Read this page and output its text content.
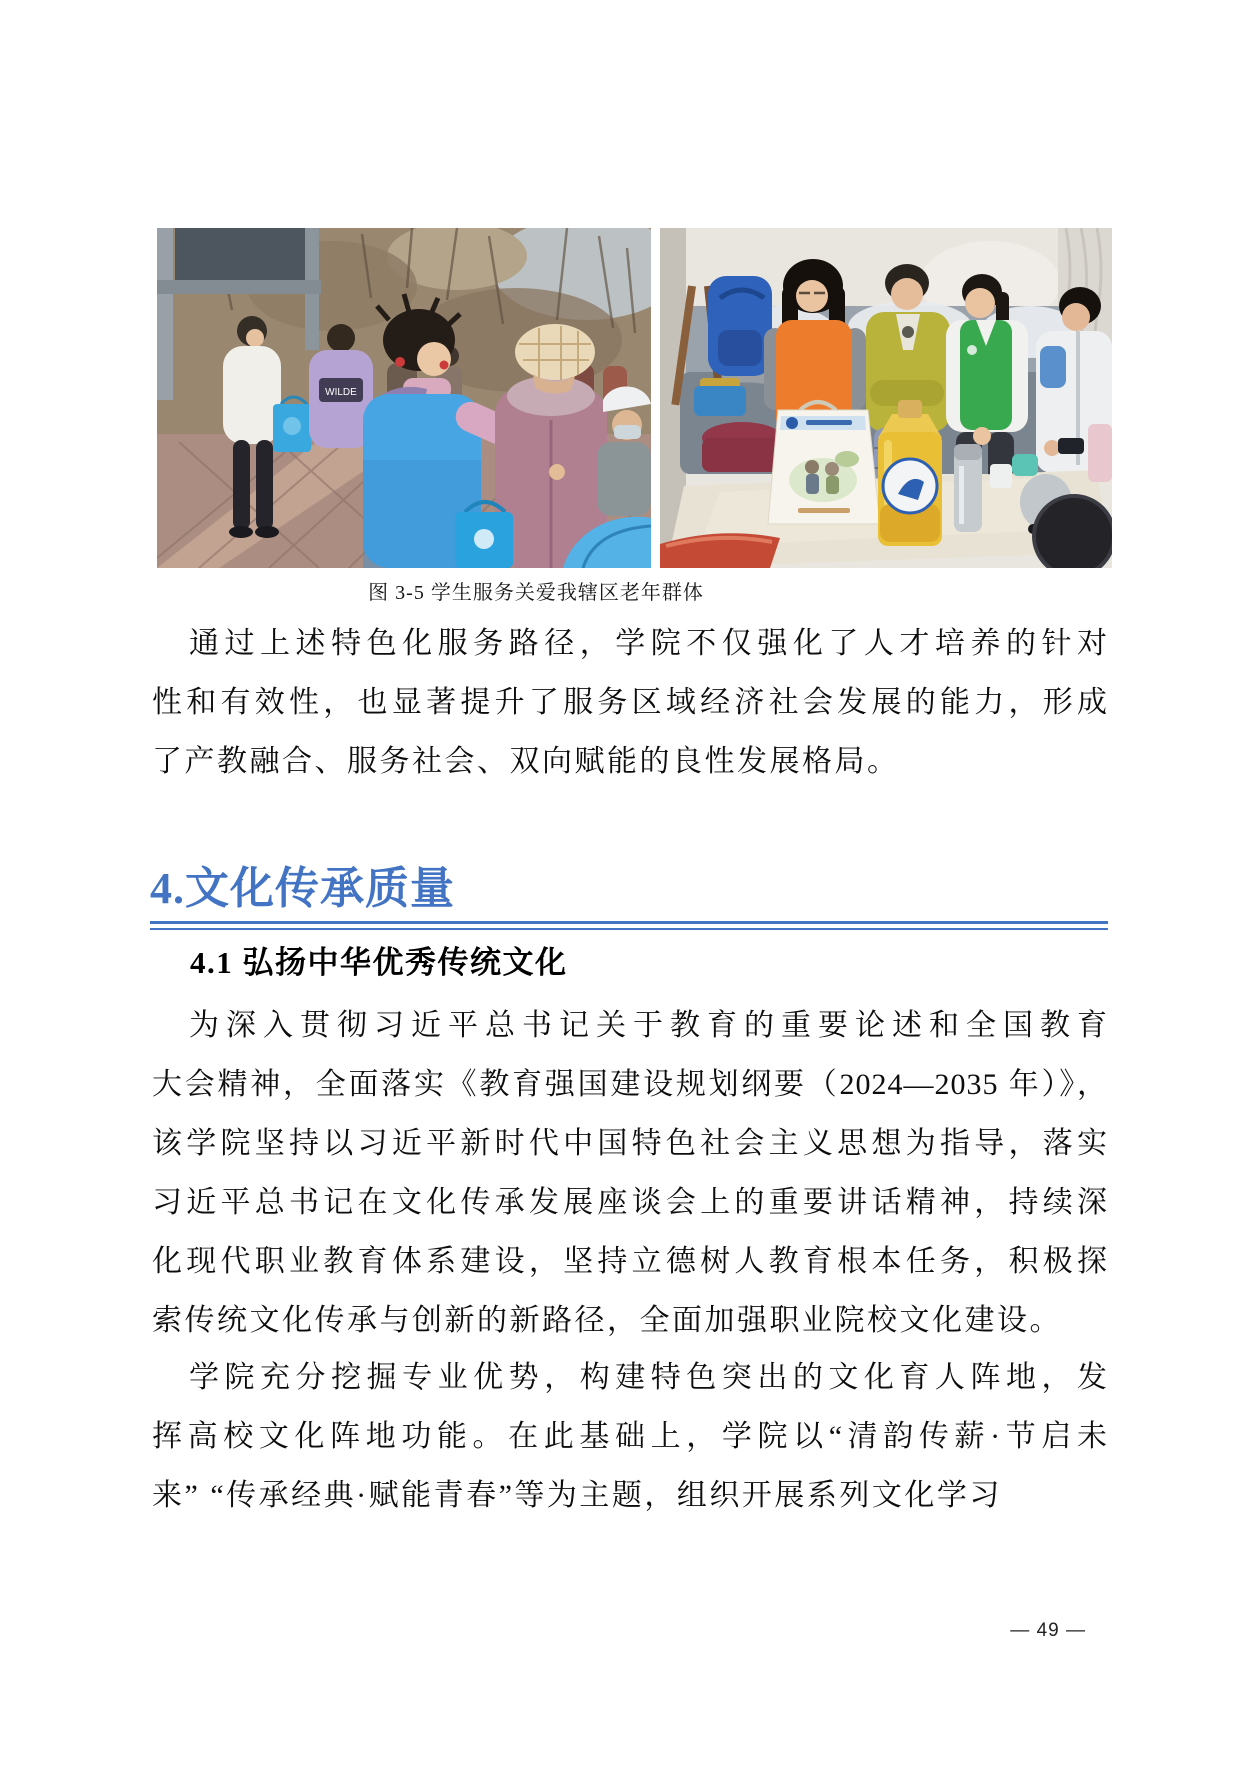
WILDE
图 3-5 学生服务关爱我辖区老年群体
通过上述特色化服务路径，学院不仅强化了人才培养的针对
性和有效性，也显著提升了服务区域经济社会发展的能力，形成
了产教融合、服务社会、双向赋能的良性发展格局。
4.文化传承质量
4.1 弘扬中华优秀传统文化
为深入贯彻习近平总书记关于教育的重要论述和全国教育
大会精神，全面落实《教育强国建设规划纲要（2024—2035 年）》，
该学院坚持以习近平新时代中国特色社会主义思想为指导，落实
习近平总书记在文化传承发展座谈会上的重要讲话精神，持续深
化现代职业教育体系建设，坚持立德树人教育根本任务，积极探
索传统文化传承与创新的新路径，全面加强职业院校文化建设。
学院充分挖掘专业优势，构建特色突出的文化育人阵地，发
挥高校文化阵地功能。在此基础上，学院以“清韵传薪·节启未
来” “传承经典·赋能青春”等为主题，组织开展系列文化学习
— 49 —
